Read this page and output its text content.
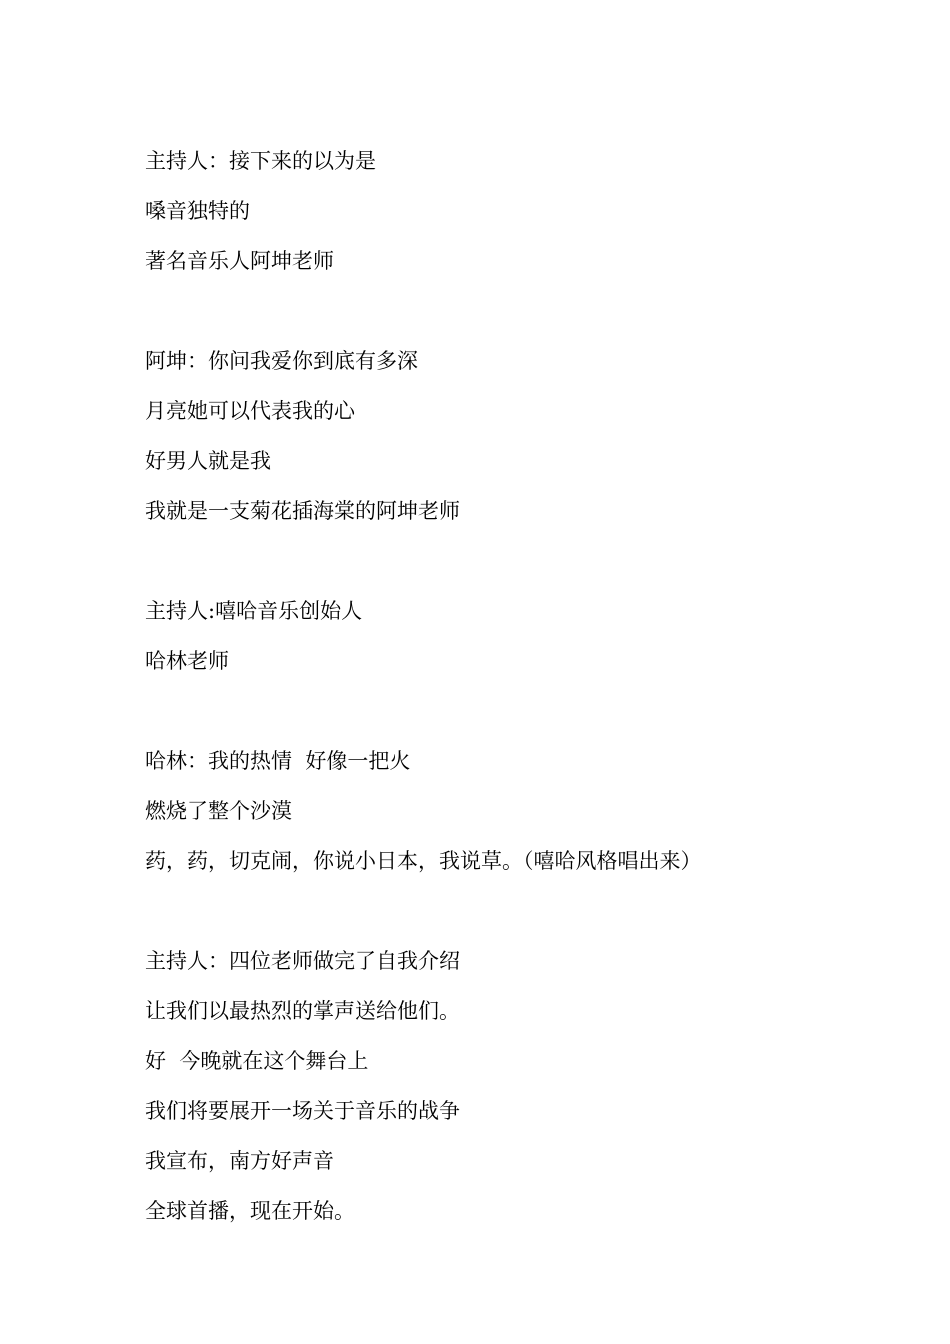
主持人：接下来的以为是
嗓音独特的
著名音乐人阿坤老师
阿坤：你问我爱你到底有多深
月亮她可以代表我的心
好男人就是我
我就是一支菊花插海棠的阿坤老师
主持人:嘻哈音乐创始人
哈林老师
哈林：我的热情  好像一把火
燃烧了整个沙漠
药，药，切克闹，你说小日本，我说草。（嘻哈风格唱出来）
主持人：四位老师做完了自我介绍
让我们以最热烈的掌声送给他们。
好  今晚就在这个舞台上
我们将要展开一场关于音乐的战争
我宣布，南方好声音
全球首播，现在开始。
